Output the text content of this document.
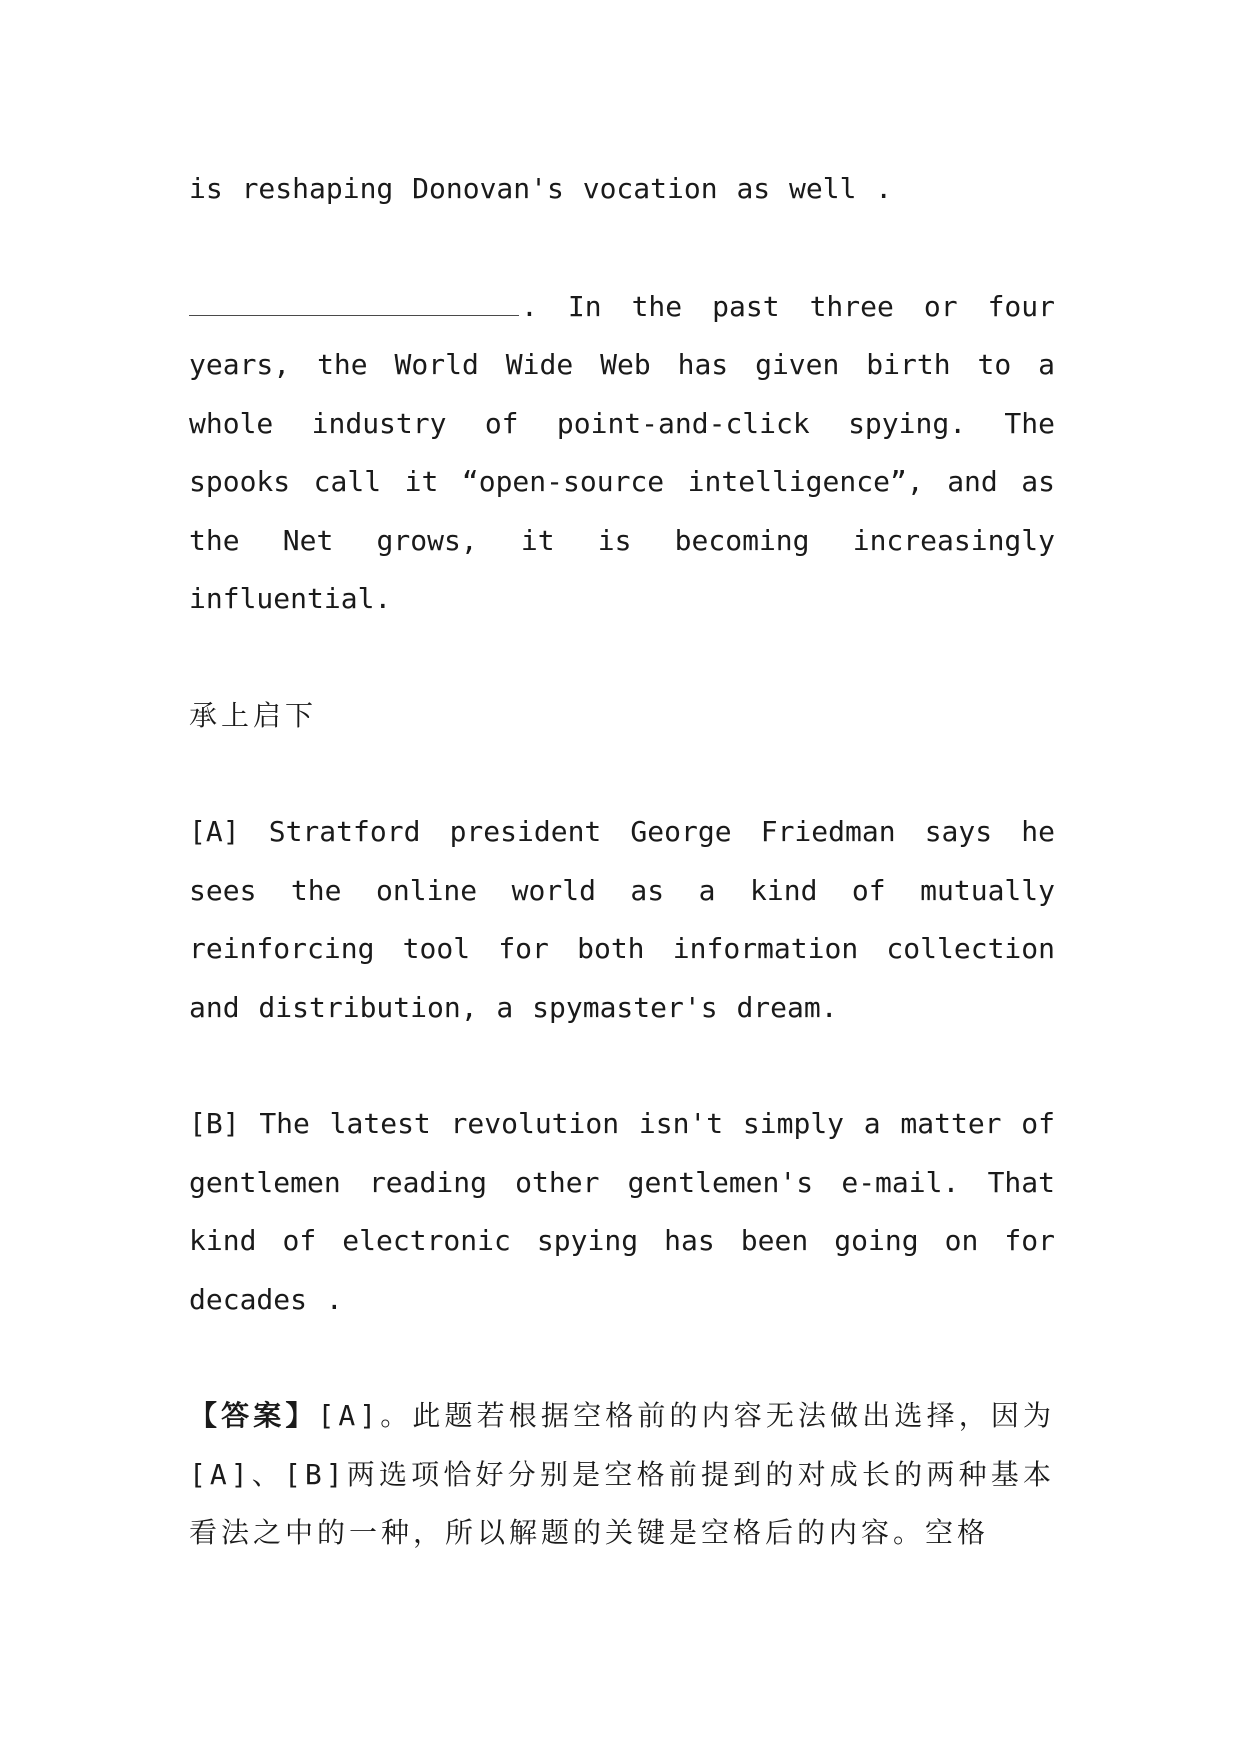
is reshaping Donovan's vocation as well .

. In the past three or four years, the World Wide Web has given birth to a whole industry of point-and-click spying. The spooks call it “open-source intelligence”, and as the Net grows, it is becoming increasingly influential.

承上启下

[A] Stratford president George Friedman says he sees the online world as a kind of mutually reinforcing tool for both information collection and distribution, a spymaster's dream.

[B] The latest revolution isn't simply a matter of gentlemen reading other gentlemen's e-mail. That kind of electronic spying has been going on for decades .

【答案】[A]。此题若根据空格前的内容无法做出选择，因为[A]、[B]两选项恰好分别是空格前提到的对成长的两种基本看法之中的一种，所以解题的关键是空格后的内容。空格
